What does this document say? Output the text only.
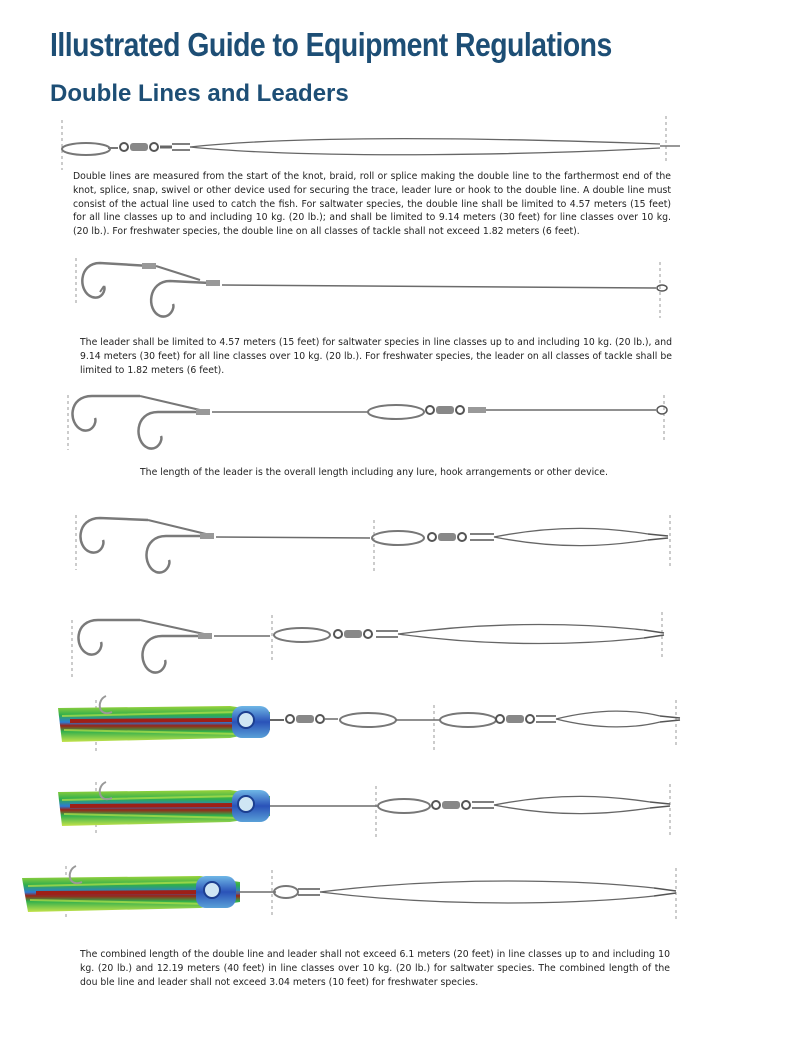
Illustrated Guide to Equipment Regulations
Double Lines and Leaders

Double lines are measured from the start of the knot, braid, roll or splice making the double line to the farthermost end of the knot, splice, snap, swivel or other device used for securing the trace, leader lure or hook to the double line. A double line must consist of the actual line used to catch the fish. For saltwater species, the double line shall be limited to 4.57 meters (15 feet) for all line classes up to and including 10 kg. (20 lb.); and shall be limited to 9.14 meters (30 feet) for line classes over 10 kg. (20 lb.). For freshwater species, the double line on all classes of tackle shall not exceed 1.82 meters (6 feet).

The leader shall be limited to 4.57 meters (15 feet) for saltwater species in line classes up to and including 10 kg. (20 lb.), and 9.14 meters (30 feet) for all line classes over 10 kg. (20 lb.). For freshwater species, the leader on all classes of tackle shall be limited to 1.82 meters (6 feet).

The length of the leader is the overall length including any lure, hook arrangements or other device.

The combined length of the double line and leader shall not exceed 6.1 meters (20 feet) in line classes up to and including 10 kg. (20 lb.) and 12.19 meters (40 feet) in line classes over 10 kg. (20 lb.) for saltwater species. The combined length of the dou ble line and leader shall not exceed 3.04 meters (10 feet) for freshwater species.
